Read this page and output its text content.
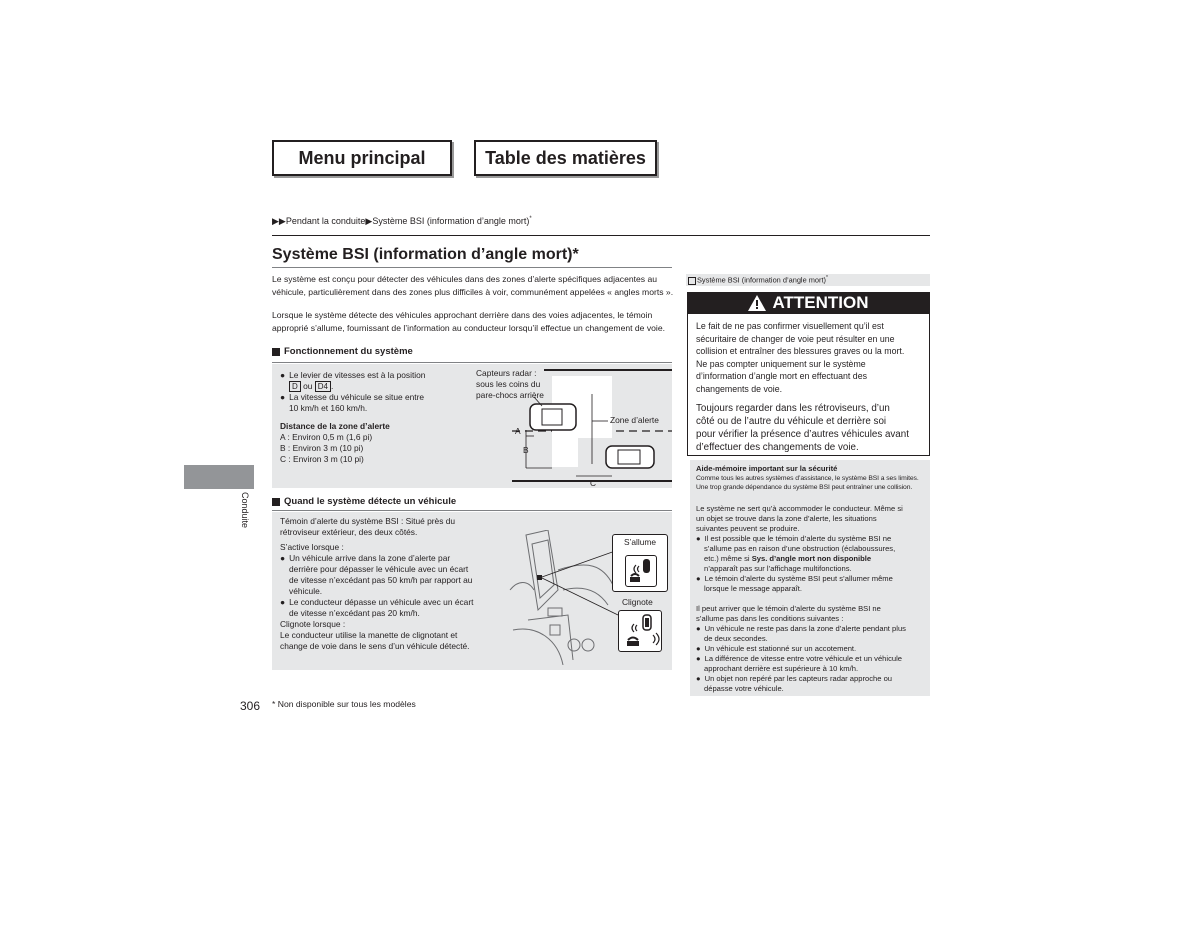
Menu principal	Table des matières
▶▶Pendant la conduite▶Système BSI (information d’angle mort)*
Système BSI (information d’angle mort)*
Le système est conçu pour détecter des véhicules dans des zones d’alerte spécifiques adjacentes au
véhicule, particulièrement dans des zones plus difficiles à voir, communément appelées « angles morts ».
Lorsque le système détecte des véhicules approchant derrière dans des voies adjacentes, le témoin
approprié s’allume, fournissant de l’information au conducteur lorsqu’il effectue un changement de voie.
Fonctionnement du système
● Le levier de vitesses est à la position
D ou D4 .
● La vitesse du véhicule se situe entre
10 km/h et 160 km/h.
Distance de la zone d’alerte
A : Environ 0,5 m (1,6 pi)
B : Environ 3 m (10 pi)
C : Environ 3 m (10 pi)
Capteurs radar :
sous les coins du
pare-chocs arrière
Zone d’alerte
A
B
C
Quand le système détecte un véhicule
Témoin d’alerte du système BSI : Situé près du
rétroviseur extérieur, des deux côtés.
S’active lorsque :
● Un véhicule arrive dans la zone d’alerte par
derrière pour dépasser le véhicule avec un écart
de vitesse n’excédant pas 50 km/h par rapport au
véhicule.
● Le conducteur dépasse un véhicule avec un écart
de vitesse n’excédant pas 20 km/h.
Clignote lorsque :
Le conducteur utilise la manette de clignotant et
change de voie dans le sens d’un véhicule détecté.
S’allume
Clignote
Conduite
306 * Non disponible sur tous les modèles
Système BSI (information d’angle mort)*
ATTENTION

Le fait de ne pas confirmer visuellement qu’il est
sécuritaire de changer de voie peut résulter en une
collision et entraîner des blessures graves ou la mort.
Ne pas compter uniquement sur le système
d’information d’angle mort en effectuant des
changements de voie.

Toujours regarder dans les rétroviseurs, d’un
côté ou de l’autre du véhicule et derrière soi
pour vérifier la présence d’autres véhicules avant
d’effectuer des changements de voie.

Aide-mémoire important sur la sécurité
Comme tous les autres systèmes d’assistance, le système BSI a ses limites.
Une trop grande dépendance du système BSI peut entraîner une collision.
Le système ne sert qu’à accommoder le conducteur. Même si
un objet se trouve dans la zone d’alerte, les situations
suivantes peuvent se produire.
● Il est possible que le témoin d’alerte du système BSI ne
s’allume pas en raison d’une obstruction (éclaboussures,
etc.) même si Sys. d’angle mort non disponible
n’apparaît pas sur l’affichage multifonctions.
● Le témoin d’alerte du système BSI peut s’allumer même
lorsque le message apparaît.
Il peut arriver que le témoin d’alerte du système BSI ne
s’allume pas dans les conditions suivantes :
● Un véhicule ne reste pas dans la zone d’alerte pendant plus
de deux secondes.
● Un véhicule est stationné sur un accotement.
● La différence de vitesse entre votre véhicule et un véhicule
approchant derrière est supérieure à 10 km/h.
● Un objet non repéré par les capteurs radar approche ou
dépasse votre véhicule.
